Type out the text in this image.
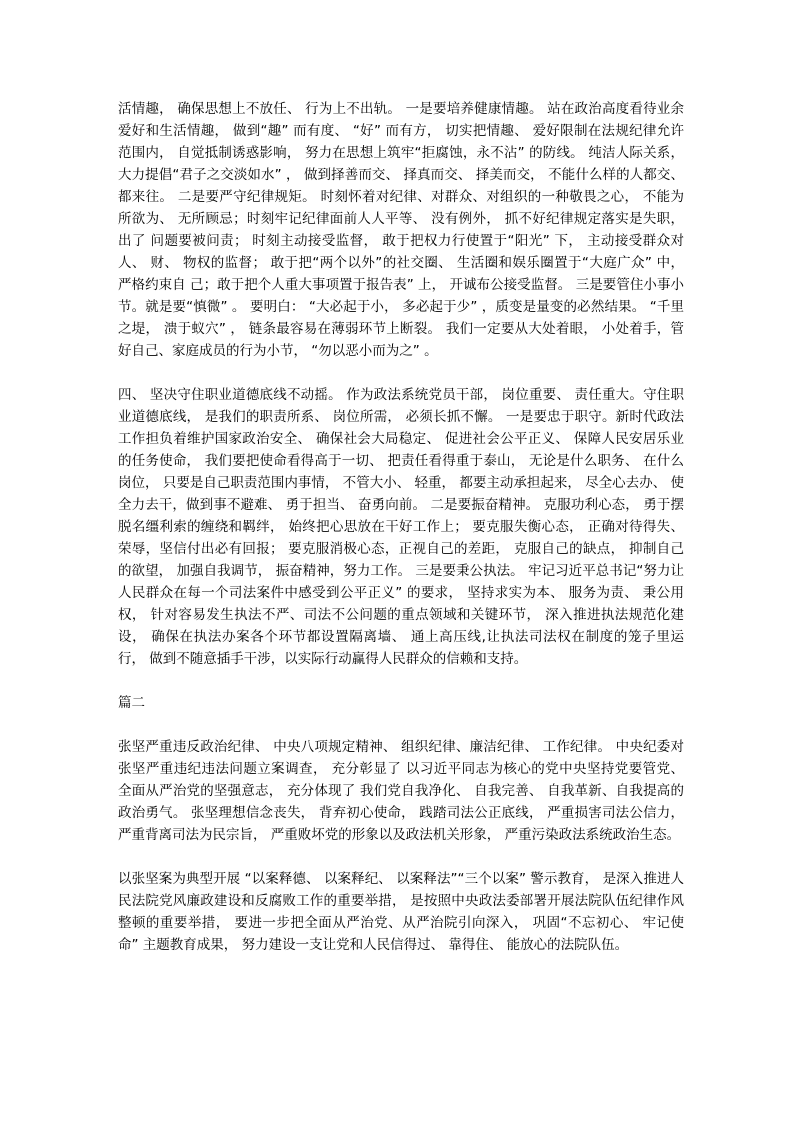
活情趣， 确保思想上不放任、 行为上不出轨。 一是要培养健康情趣。 站在政治高度看待业余爱好和生活情趣， 做到“趣” 而有度、 “好” 而有方， 切实把情趣、 爱好限制在法规纪律允许范围内， 自觉抵制诱惑影响， 努力在思想上筑牢“拒腐蚀，永不沾” 的防线。 纯洁人际关系， 大力提倡“君子之交淡如水” ， 做到择善而交、 择真而交、 择美而交， 不能什么样的人都交、 都来往。 二是要严守纪律规矩。 时刻怀着对纪律、对群众、对组织的一种敬畏之心， 不能为所欲为、 无所顾忌；时刻牢记纪律面前人人平等、 没有例外， 抓不好纪律规定落实是失职， 出了 问题要被问责； 时刻主动接受监督， 敢于把权力行使置于“阳光” 下， 主动接受群众对人、 财、 物权的监督； 敢于把“两个以外”的社交圈、 生活圈和娱乐圈置于“大庭广众” 中， 严格约束自 己；敢于把个人重大事项置于报告表” 上， 开诚布公接受监督。 三是要管住小事小节。就是要“慎微” 。 要明白： “大必起于小， 多必起于少” ，质变是量变的必然结果。 “千里之堤， 溃于蚁穴” ， 链条最容易在薄弱环节上断裂。 我们一定要从大处着眼， 小处着手，管好自己、家庭成员的行为小节， “勿以恶小而为之” 。

四、 坚决守住职业道德底线不动摇。 作为政法系统党员干部， 岗位重要、 责任重大。守住职业道德底线， 是我们的职责所系、 岗位所需， 必须长抓不懈。 一是要忠于职守。新时代政法工作担负着维护国家政治安全、 确保社会大局稳定、 促进社会公平正义、 保障人民安居乐业的任务使命， 我们要把使命看得高于一切、 把责任看得重于泰山， 无论是什么职务、 在什么岗位， 只要是自己职责范围内事情， 不管大小、 轻重， 都要主动承担起来， 尽全心去办、 使全力去干，做到事不避难、 勇于担当、 奋勇向前。 二是要振奋精神。 克服功利心态， 勇于摆脱名缰利索的缠绕和羁绊， 始终把心思放在干好工作上； 要克服失衡心态， 正确对待得失、 荣辱，坚信付出必有回报； 要克服消极心态，正视自己的差距， 克服自己的缺点， 抑制自己的欲望， 加强自我调节， 振奋精神，努力工作。 三是要秉公执法。 牢记习近平总书记“努力让人民群众在每一个司法案件中感受到公平正义” 的要求， 坚持求实为本、 服务为责、 秉公用权， 针对容易发生执法不严、司法不公问题的重点领域和关键环节， 深入推进执法规范化建设， 确保在执法办案各个环节都设置隔离墙、 通上高压线,让执法司法权在制度的笼子里运行， 做到不随意插手干涉，以实际行动赢得人民群众的信赖和支持。

篇二

张坚严重违反政治纪律、 中央八项规定精神、 组织纪律、廉洁纪律、 工作纪律。 中央纪委对张坚严重违纪违法问题立案调查， 充分彰显了 以习近平同志为核心的党中央坚持党要管党、 全面从严治党的坚强意志， 充分体现了 我们党自我净化、 自我完善、 自我革新、自我提高的政治勇气。 张坚理想信念丧失， 背弃初心使命， 践踏司法公正底线， 严重损害司法公信力， 严重背离司法为民宗旨， 严重败坏党的形象以及政法机关形象， 严重污染政法系统政治生态。

以张坚案为典型开展 “以案释德、 以案释纪、 以案释法”“三个以案” 警示教育， 是深入推进人民法院党风廉政建设和反腐败工作的重要举措， 是按照中央政法委部署开展法院队伍纪律作风整顿的重要举措， 要进一步把全面从严治党、从严治院引向深入， 巩固“不忘初心、 牢记使命” 主题教育成果， 努力建设一支让党和人民信得过、 靠得住、 能放心的法院队伍。
